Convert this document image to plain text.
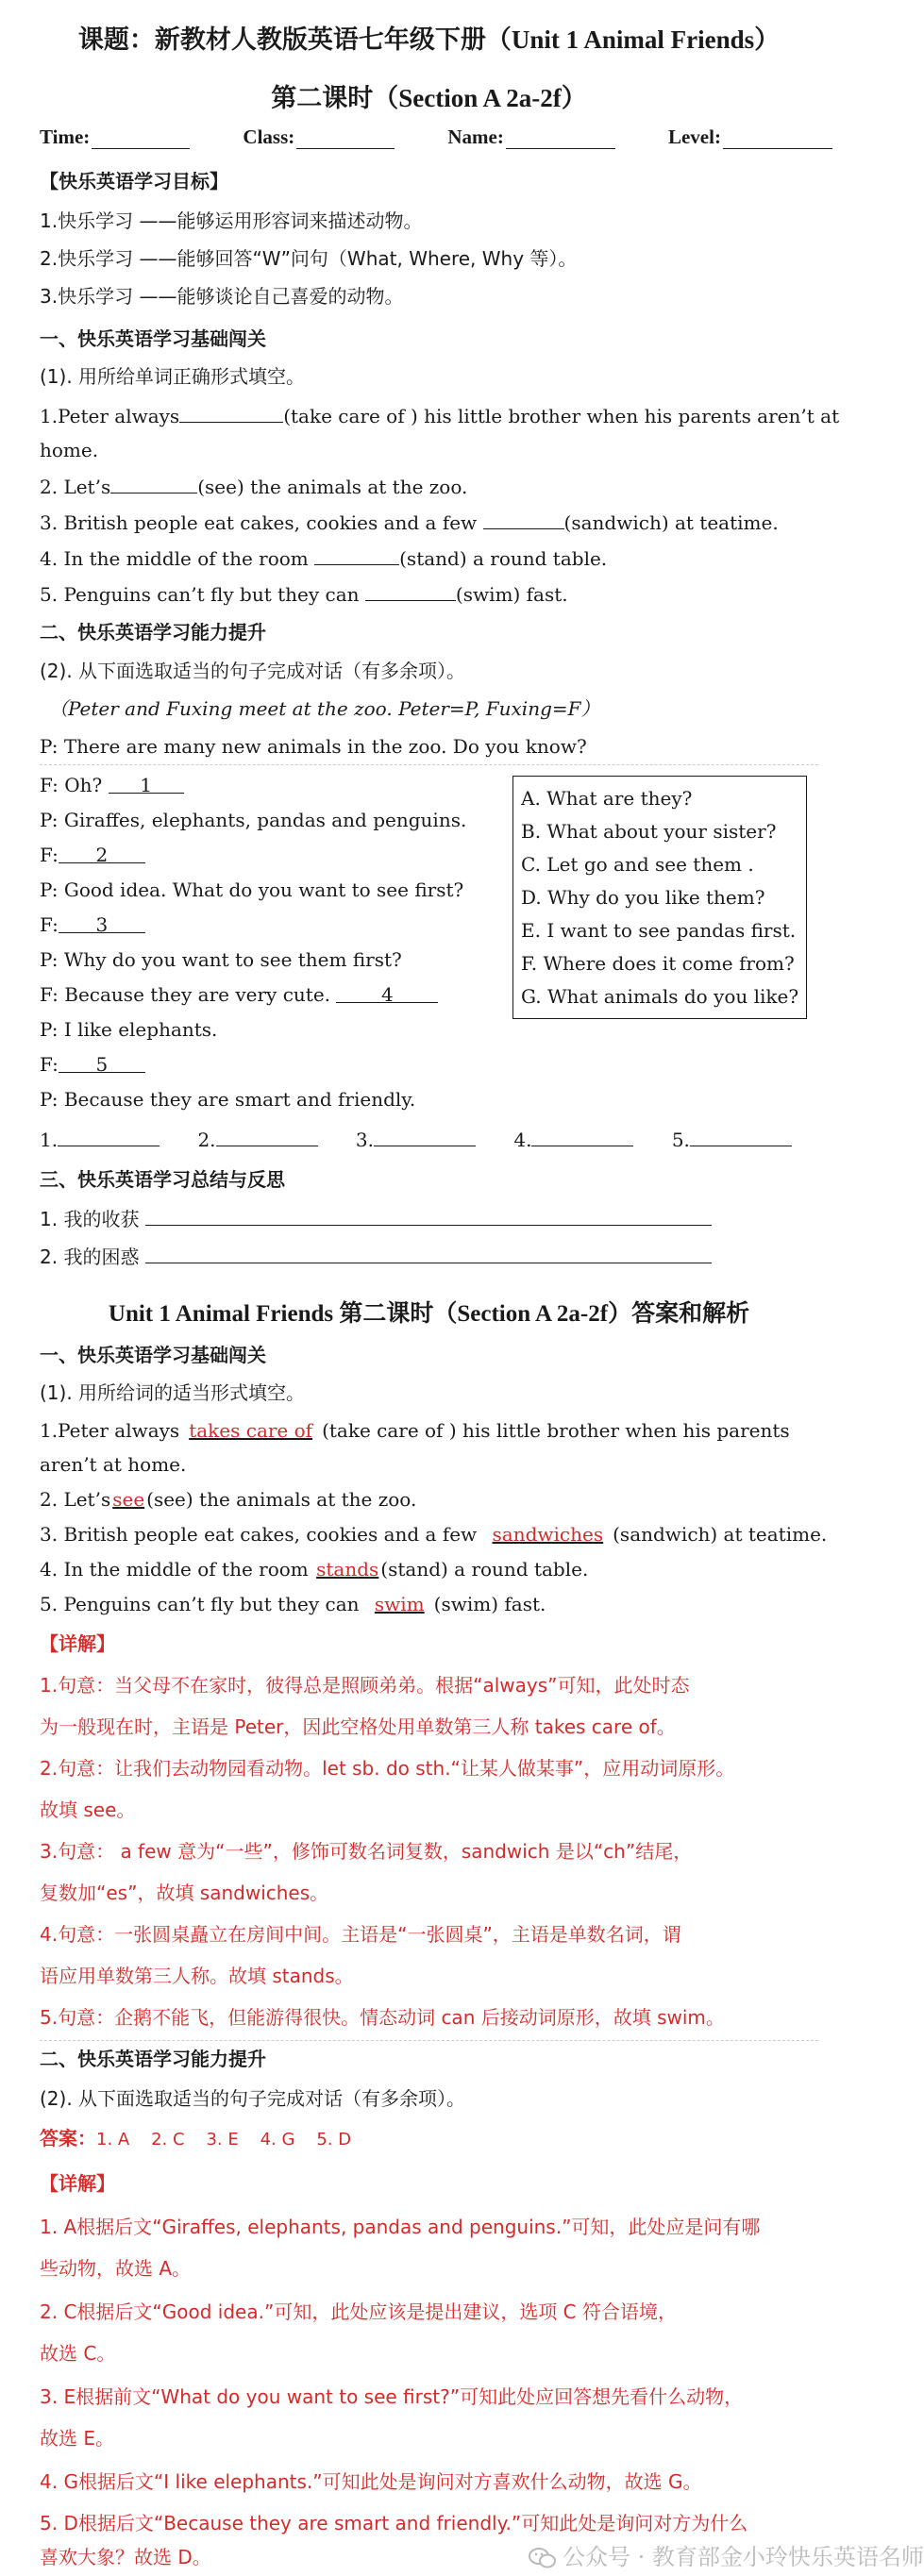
课题：新教材人教版英语七年级下册（Unit 1 Animal Friends）
第二课时（Section A 2a-2f）
Time:	Class:	Name:	Level:
【快乐英语学习目标】
1.快乐学习 ——能够运用形容词来描述动物。
2.快乐学习 ——能够回答“W”问句（What, Where, Why 等）。
3.快乐学习 ——能够谈论自己喜爱的动物。
一、快乐英语学习基础闯关
(1). 用所给单词正确形式填空。
1.Peter always	(take care of ) his little brother when his parents aren’t at
home.
2. Let’s	(see) the animals at the zoo.
3. British people eat cakes, cookies and a few	(sandwich) at teatime.
4. In the middle of the room	(stand) a round table.
5. Penguins can’t fly but they can	(swim) fast.
二、快乐英语学习能力提升
(2). 从下面选取适当的句子完成对话（有多余项）。
（Peter and Fuxing meet at the zoo. Peter=P, Fuxing=F）
P: There are many new animals in the zoo. Do you know?
F: Oh? 1
P: Giraffes, elephants, pandas and penguins.
F: 2
P: Good idea. What do you want to see first?
F: 3
P: Why do you want to see them first?
F: Because they are very cute.	4
P: I like elephants.
F: 5
P: Because they are smart and friendly.
A. What are they?
B. What about your sister?
C. Let go and see them .
D. Why do you like them?
E. I want to see pandas first.
F. Where does it come from?
G. What animals do you like?
1.	2.	3.	4.	5.
三、快乐英语学习总结与反思
1. 我的收获
2. 我的困惑
Unit 1 Animal Friends 第二课时（Section A 2a-2f）答案和解析
一、快乐英语学习基础闯关
(1). 用所给词的适当形式填空。
1.Peter always takes care of (take care of ) his little brother when his parents
aren’t at home.
2. Let’s see (see) the animals at the zoo.
3. British people eat cakes, cookies and a few sandwiches (sandwich) at teatime.
4. In the middle of the room stands (stand) a round table.
5. Penguins can’t fly but they can swim (swim) fast.
【详解】
1.句意：当父母不在家时，彼得总是照顾弟弟。根据“always”可知，此处时态
为一般现在时，主语是 Peter，因此空格处用单数第三人称 takes care of。
2.句意：让我们去动物园看动物。let sb. do sth.“让某人做某事”，应用动词原形。
故填 see。
3.句意： a few 意为“一些”，修饰可数名词复数，sandwich 是以“ch”结尾，
复数加“es”，故填 sandwiches。
4.句意：一张圆桌矗立在房间中间。主语是“一张圆桌”，主语是单数名词，谓
语应用单数第三人称。故填 stands。
5.句意：企鹅不能飞，但能游得很快。情态动词 can 后接动词原形，故填 swim。
二、快乐英语学习能力提升
(2). 从下面选取适当的句子完成对话（有多余项）。
答案：1. A    2. C    3. E    4. G    5. D
【详解】
1. A根据后文“Giraffes, elephants, pandas and penguins.”可知，此处应是问有哪
些动物，故选 A。
2. C根据后文“Good idea.”可知，此处应该是提出建议，选项 C 符合语境，
故选 C。
3. E根据前文“What do you want to see first?”可知此处应回答想先看什么动物，
故选 E。
4. G根据后文“I like elephants.”可知此处是询问对方喜欢什么动物，故选 G。
5. D根据后文“Because they are smart and friendly.”可知此处是询问对方为什么
喜欢大象？故选 D。	公众号 · 教育部金小玲快乐英语名师
